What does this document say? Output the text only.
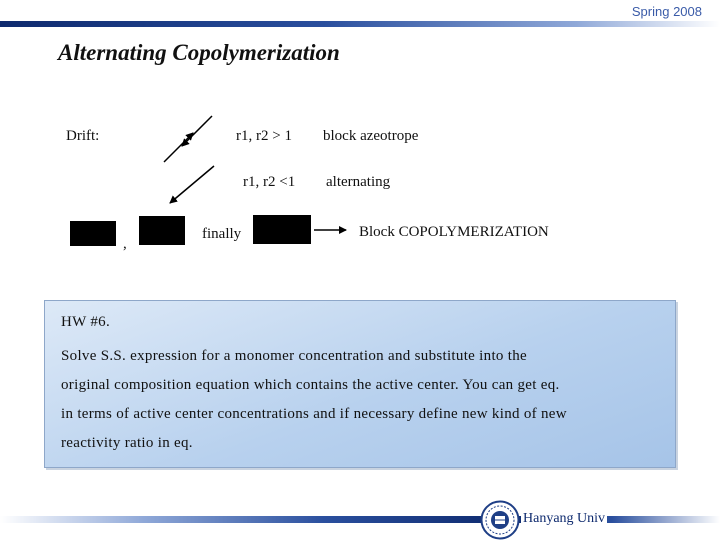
Spring 2008
Alternating Copolymerization
Drift:	r1, r2 > 1 block azeotrope
r1, r2 <1 alternating
,
finally	Block COPOLYMERIZATION
HW #6.
Solve S.S. expression for a monomer concentration and substitute into the
original composition equation which contains the active center. You can get eq.
in terms of active center concentrations and if necessary define new kind of new
reactivity ratio in eq.
Hanyang Univ
